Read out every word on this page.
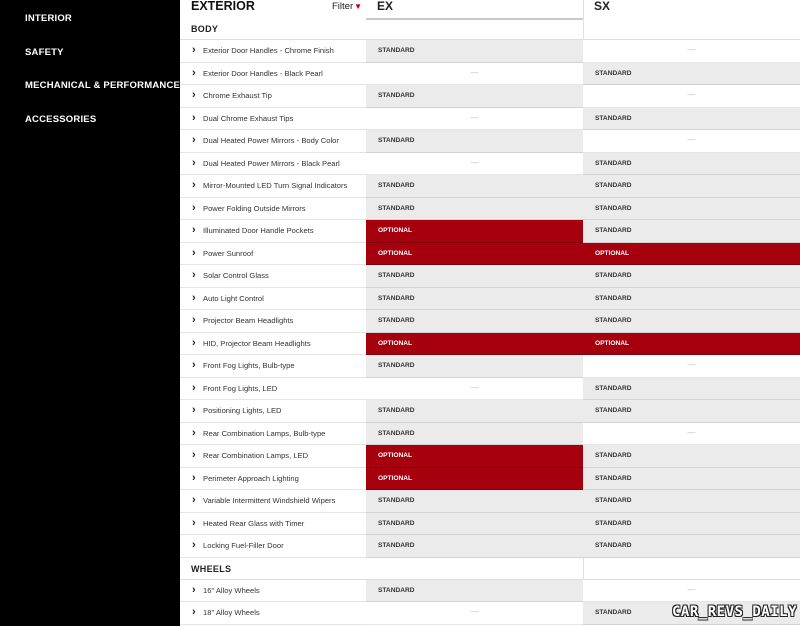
INTERIOR
SAFETY
MECHANICAL & PERFORMANCE
ACCESSORIES
EXTERIOR	Filter▼ EX	SX
BODY
› Exterior Door Handles - Chrome Finish	STANDARD	—
› Exterior Door Handles - Black Pearl	—	STANDARD
› Chrome Exhaust Tip	STANDARD	—
› Dual Chrome Exhaust Tips	—	STANDARD
› Dual Heated Power Mirrors - Body Color	STANDARD	—
› Dual Heated Power Mirrors - Black Pearl	—	STANDARD
› Mirror-Mounted LED Turn Signal Indicators	STANDARD	STANDARD
› Power Folding Outside Mirrors	STANDARD	STANDARD
› Illuminated Door Handle Pockets	OPTIONAL	STANDARD
› Power Sunroof	OPTIONAL	OPTIONAL
› Solar Control Glass	STANDARD	STANDARD
› Auto Light Control	STANDARD	STANDARD
› Projector Beam Headlights	STANDARD	STANDARD
› HID, Projector Beam Headlights	OPTIONAL	OPTIONAL
› Front Fog Lights, Bulb-type	STANDARD	—
› Front Fog Lights, LED	—	STANDARD
› Positioning Lights, LED	STANDARD	STANDARD
› Rear Combination Lamps, Bulb-type	STANDARD	—
› Rear Combination Lamps, LED	OPTIONAL	STANDARD
› Perimeter Approach Lighting	OPTIONAL	STANDARD
› Variable Intermittent Windshield Wipers	STANDARD	STANDARD
› Heated Rear Glass with Timer	STANDARD	STANDARD
› Locking Fuel-Filler Door	STANDARD	STANDARD
WHEELS
› 16" Alloy Wheels	STANDARD	—
› 18" Alloy Wheels	—	STANDARD	CAR_REVS_DAILY
